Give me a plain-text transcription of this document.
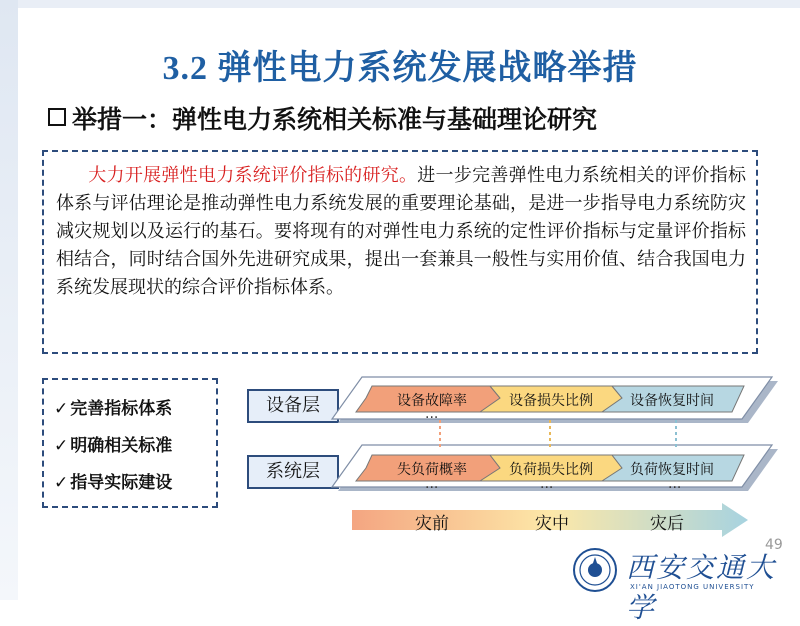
3.2 弹性电力系统发展战略举措
举措一：弹性电力系统相关标准与基础理论研究
大力开展弹性电力系统评价指标的研究。进一步完善弹性电力系统相关的评价指标体系与评估理论是推动弹性电力系统发展的重要理论基础，是进一步指导电力系统防灾减灾规划以及运行的基石。要将现有的对弹性电力系统的定性评价指标与定量评价指标相结合，同时结合国外先进研究成果，提出一套兼具一般性与实用价值、结合我国电力系统发展现状的综合评价指标体系。
✓ 完善指标体系
✓ 明确相关标准
✓ 指导实际建设
设备层
系统层
设备故障率	设备损失比例	设备恢复时间
...
失负荷概率	负荷损失比例	负荷恢复时间
...	...	...
灾前	灾中	灾后
49
西安交通大学
XI'AN JIAOTONG UNIVERSITY
